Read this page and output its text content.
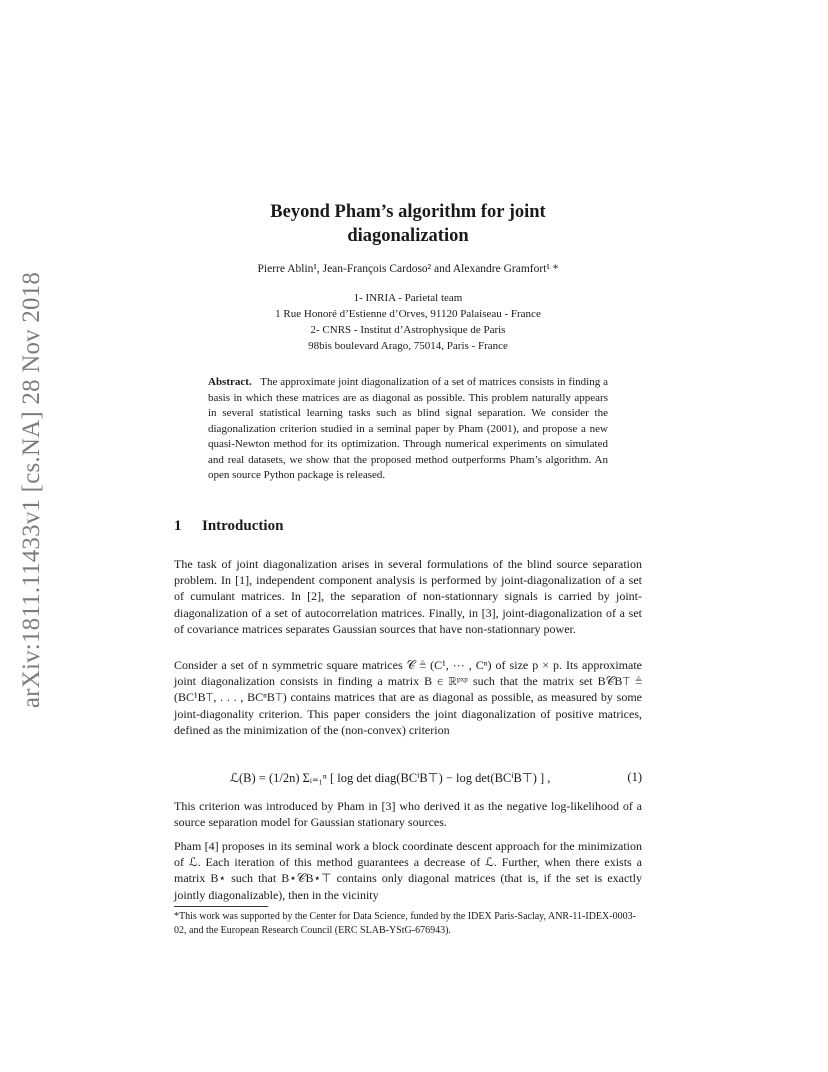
arXiv:1811.11433v1 [cs.NA] 28 Nov 2018
Beyond Pham’s algorithm for joint
diagonalization
Pierre Ablin¹, Jean-François Cardoso² and Alexandre Gramfort¹ *
1- INRIA - Parietal team
1 Rue Honoré d’Estienne d’Orves, 91120 Palaiseau - France
2- CNRS - Institut d’Astrophysique de Paris
98bis boulevard Arago, 75014, Paris - France
Abstract. The approximate joint diagonalization of a set of matrices consists in finding a basis in which these matrices are as diagonal as possible. This problem naturally appears in several statistical learning tasks such as blind signal separation. We consider the diagonalization criterion studied in a seminal paper by Pham (2001), and propose a new quasi-Newton method for its optimization. Through numerical experiments on simulated and real datasets, we show that the proposed method outperforms Pham’s algorithm. An open source Python package is released.
1 Introduction
The task of joint diagonalization arises in several formulations of the blind source separation problem. In [1], independent component analysis is performed by joint-diagonalization of a set of cumulant matrices. In [2], the separation of non-stationnary signals is carried by joint-diagonalization of a set of autocorrelation matrices. Finally, in [3], joint-diagonalization of a set of covariance matrices separates Gaussian sources that have non-stationnary power.
Consider a set of n symmetric square matrices 𝒞 ≜ (C¹, ⋯ , Cⁿ) of size p × p. Its approximate joint diagonalization consists in finding a matrix B ∈ ℝᵖˣᵖ such that the matrix set B𝒞B⊤ ≜ (BC¹B⊤, . . . , BCⁿB⊤) contains matrices that are as diagonal as possible, as measured by some joint-diagonality criterion. This paper considers the joint diagonalization of positive matrices, defined as the minimization of the (non-convex) criterion
ℒ(B) = (1/2n) Σᵢ₌₁ⁿ [ log det diag(BCⁱB⊤) − log det(BCⁱB⊤) ] ,	(1)
This criterion was introduced by Pham in [3] who derived it as the negative log-likelihood of a source separation model for Gaussian stationary sources.
Pham [4] proposes in its seminal work a block coordinate descent approach for the minimization of ℒ. Each iteration of this method guarantees a decrease of ℒ. Further, when there exists a matrix B⋆ such that B⋆𝒞B⋆⊤ contains only diagonal matrices (that is, if the set is exactly jointly diagonalizable), then in the vicinity
*This work was supported by the Center for Data Science, funded by the IDEX Paris-Saclay, ANR-11-IDEX-0003-02, and the European Research Council (ERC SLAB-YStG-676943).
